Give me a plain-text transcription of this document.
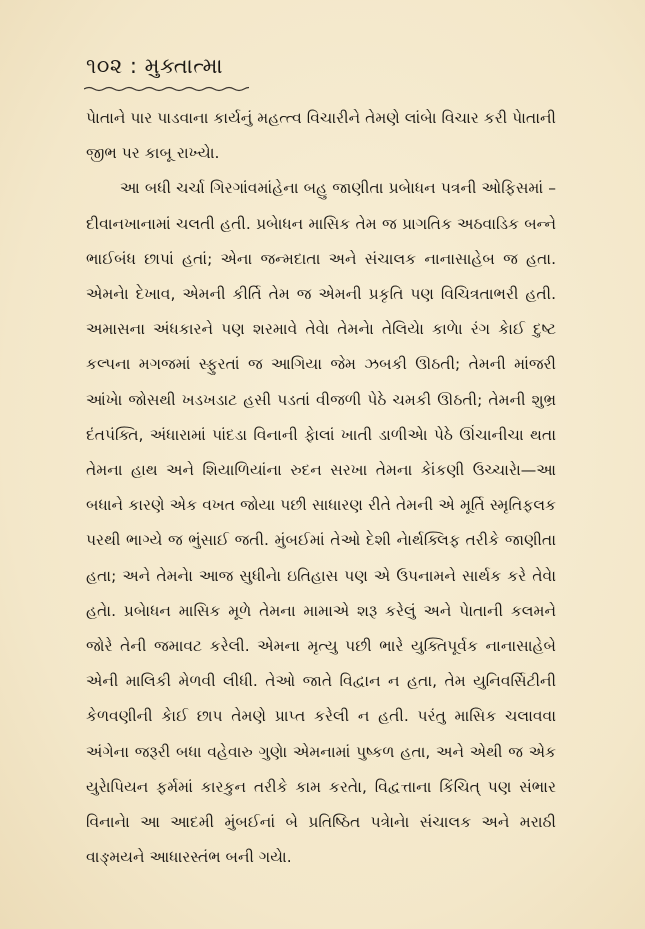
૧૦૨ : મુક્તાત્મા

પેાતાને પાર પાડવાના કાર્યનું મહત્ત્વ વિચારીને તેમણે લાંબેા વિચાર કરી પેાતાની જીભ પર કાબૂ રાખ્યેા.

આ બધી ચર્ચા ગિરગાંવમાંહેના બહુ જાણીતા પ્રબેાધન પત્રની ઓફિસમાં – દીવાનખાનામાં ચલતી હતી. પ્રબેાધન માસિક તેમ જ પ્રાગતિક અઠવાડિક બન્ને ભાઈબંધ છાપાં હતાં; એના જન્મદાતા અને સંચાલક નાનાસાહેબ જ હતા. એમનેા દેખાવ, એમની કીર્તિ તેમ જ એમની પ્રકૃતિ પણ વિચિત્રતાભરી હતી. અમાસના અંધકારને પણ શરમાવે તેવેા તેમનેા તેલિયેા કાળેા રંગ કેાઈ દુષ્ટ કલ્પના મગજમાં સ્ફુરતાં જ આગિયા જેમ ઝબકી ઊઠતી; તેમની માંજરી આંખેા જોસથી ખડખડાટ હસી પડતાં વીજળી પેઠે ચમકી ઊઠતી; તેમની શુભ્ર દંતપંક્તિ, અંધારામાં પાંદડા વિનાની ફેાલાં ખાતી ડાળીએા પેઠે ઊંચાનીચા થતા તેમના હાથ અને શિયાળિયાંના રુદન સરખા તેમના કેાંકણી ઉચ્ચારેા—આ બધાને કારણે એક વખત જોયા પછી સાધારણ રીતે તેમની એ મૂર્તિ સ્મૃતિફલક પરથી ભાગ્યે જ ભુંસાઈ જતી. મુંબઈમાં તેઓ દેશી નેાર્થક્લિફ તરીકે જાણીતા હતા; અને તેમનેા આજ સુધીનેા ઇતિહાસ પણ એ ઉપનામને સાર્થક કરે તેવેા હતેા. પ્રબેાધન માસિક મૂળે તેમના મામાએ શરૂ કરેલું અને પેાતાની કલમને જોરે તેની જમાવટ કરેલી. એમના મૃત્યુ પછી ભારે યુક્તિપૂર્વક નાનાસાહેબે એની માલિકી મેળવી લીધી. તેઓ જાતે વિદ્વાન ન હતા, તેમ યુનિવર્સિટીની કેળવણીની કેાઈ છાપ તેમણે પ્રાપ્ત કરેલી ન હતી. પરંતુ માસિક ચલાવવા અંગેના જરૂરી બધા વહેવારુ ગુણેા એમનામાં પુષ્કળ હતા, અને એથી જ એક યુરેાપિયન ફર્મમાં કારકુન તરીકે કામ કરતેા, વિદ્વત્તાના કિંચિત્ પણ સંભાર વિનાનેા આ આદમી મુંબઈનાં બે પ્રતિષ્ઠિત પત્રેાનેા સંચાલક અને મરાઠી વાઙ્મયને આધારસ્તંભ બની ગયેા.
